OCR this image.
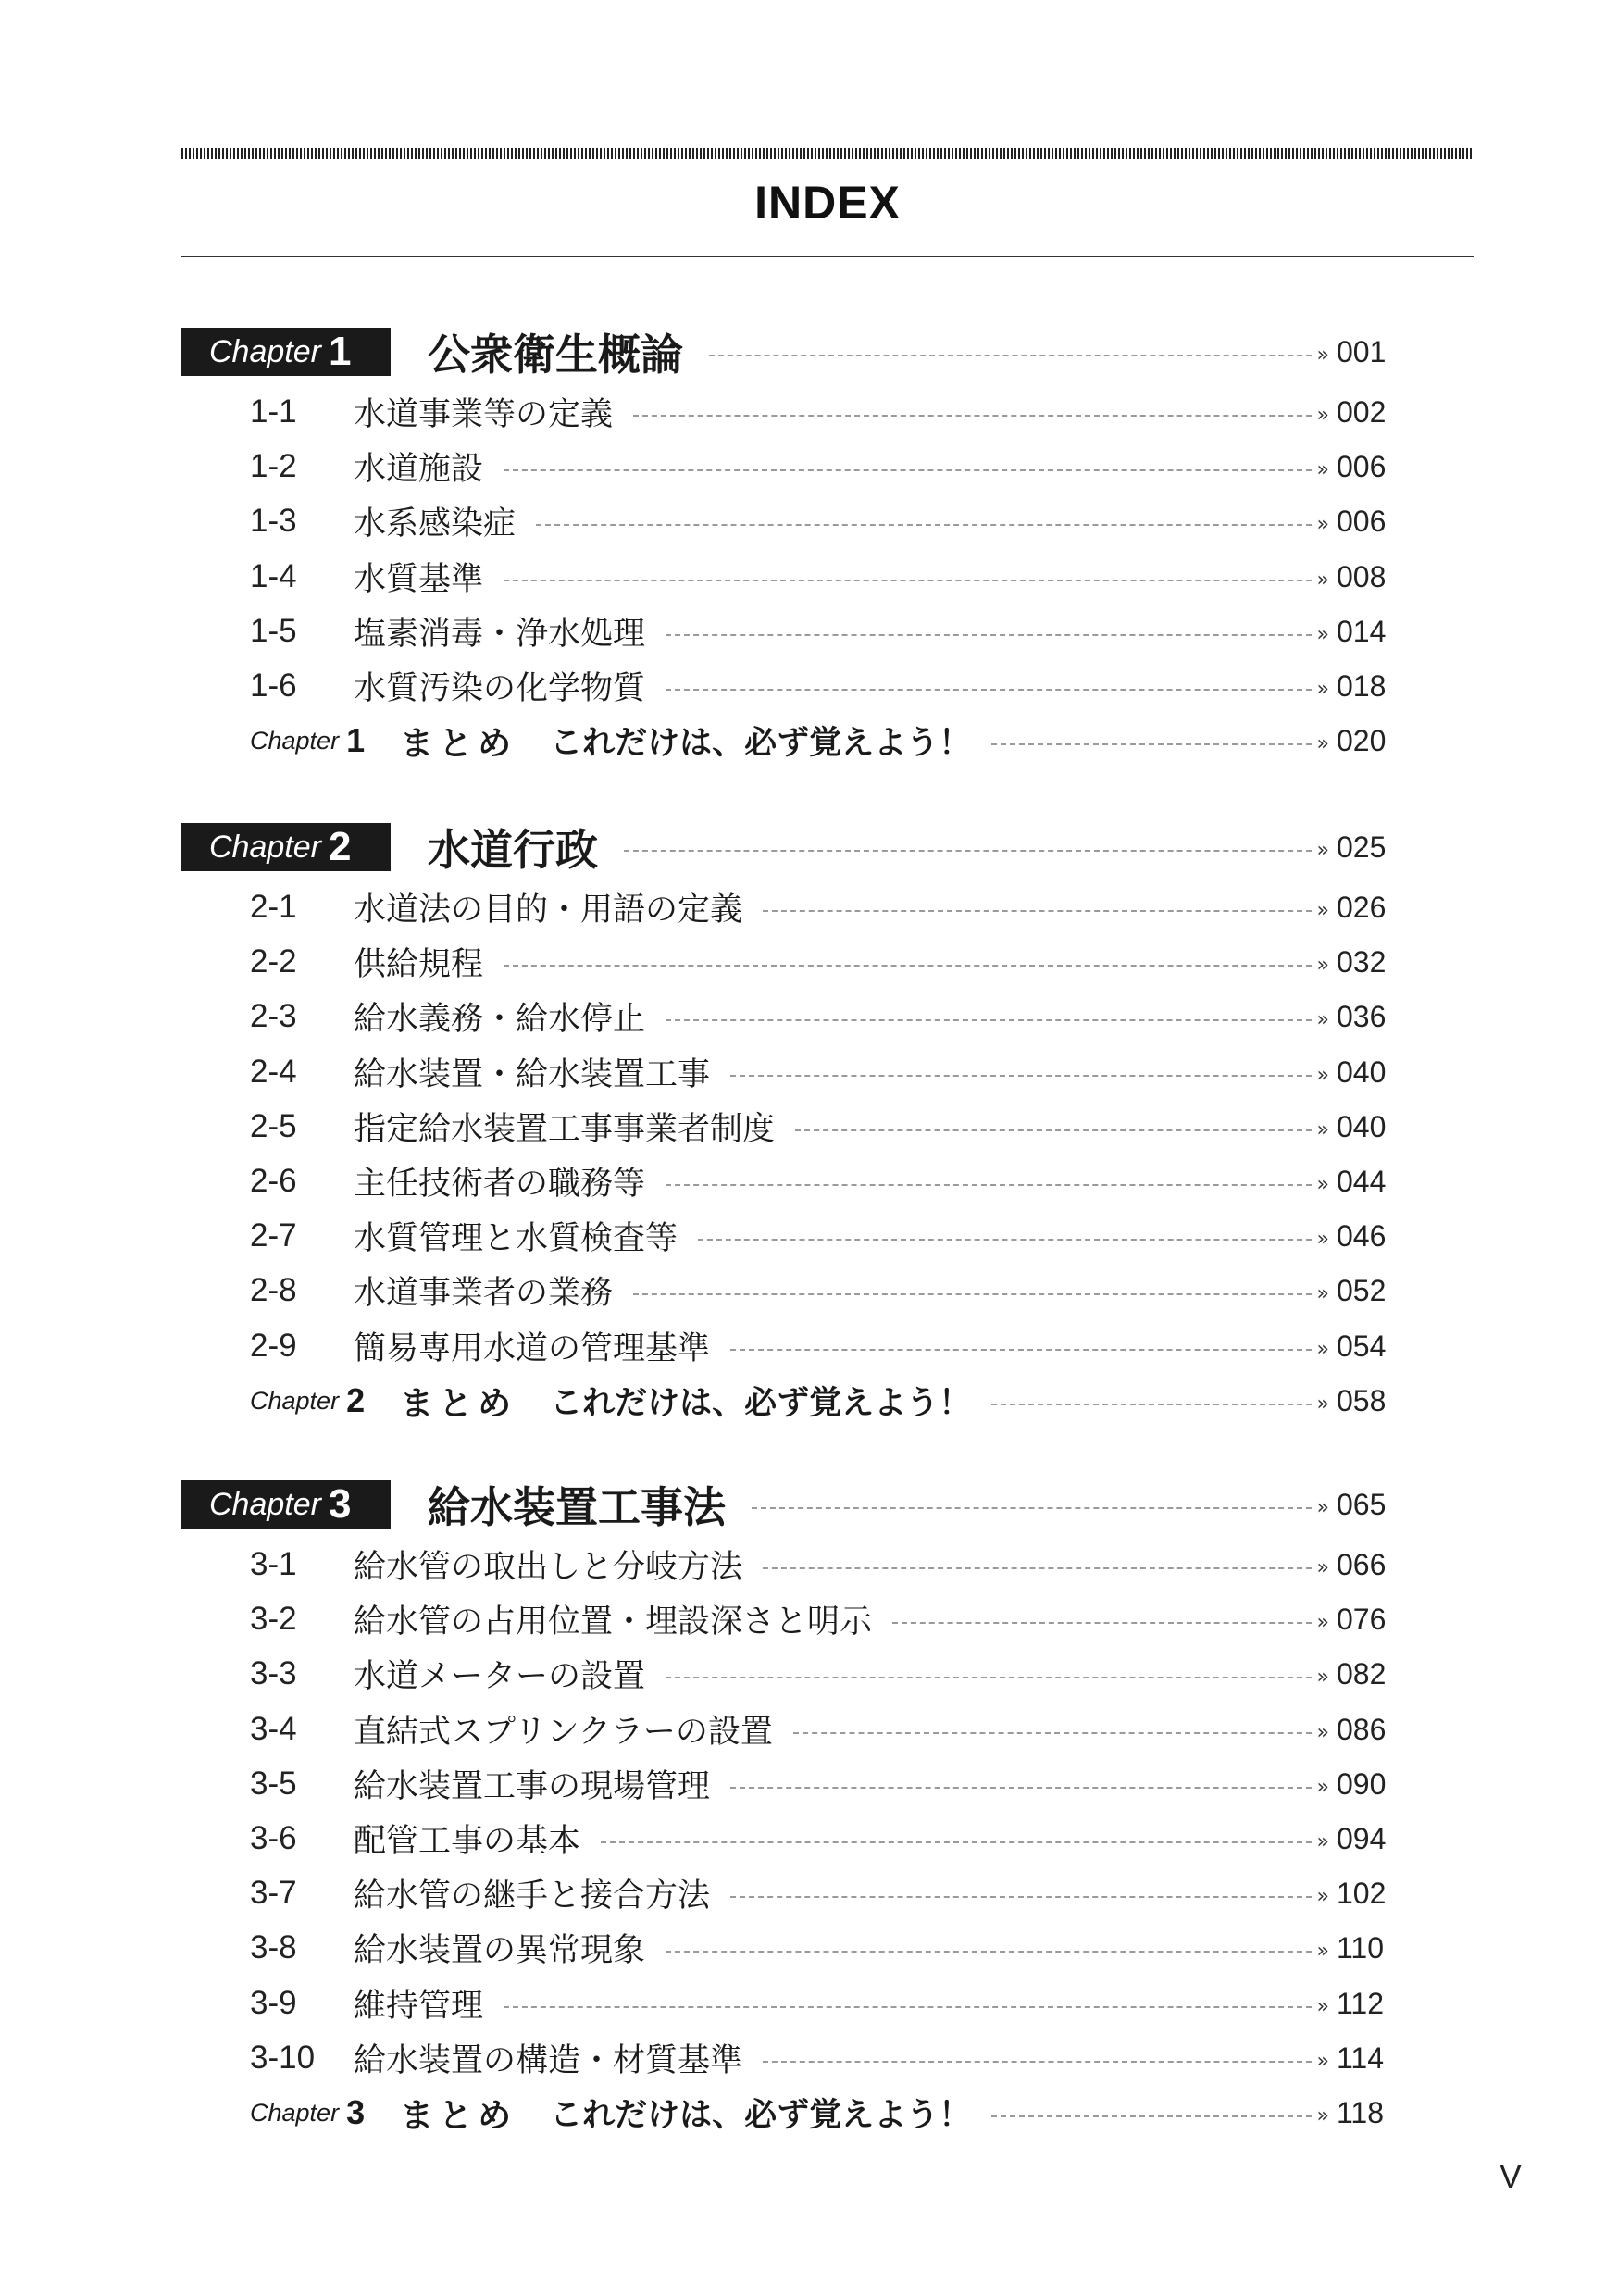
INDEX
Chapter 1 公衆衛生概論	» 001
1-1	水道事業等の定義	» 002
1-2	水道施設	» 006
1-3	水系感染症	» 006
1-4	水質基準	» 008
1-5	塩素消毒・浄水処理	» 014
1-6	水質汚染の化学物質	» 018
Chapter 1	まとめ これだけは、必ず覚えよう！	» 020
Chapter 2 水道行政	» 025
2-1	水道法の目的・用語の定義	» 026
2-2	供給規程	» 032
2-3	給水義務・給水停止	» 036
2-4	給水装置・給水装置工事	» 040
2-5	指定給水装置工事事業者制度	» 040
2-6	主任技術者の職務等	» 044
2-7	水質管理と水質検査等	» 046
2-8	水道事業者の業務	» 052
2-9	簡易専用水道の管理基準	» 054
Chapter 2	まとめ これだけは、必ず覚えよう！	» 058
Chapter 3 給水装置工事法	» 065
3-1	給水管の取出しと分岐方法	» 066
3-2	給水管の占用位置・埋設深さと明示	» 076
3-3	水道メーターの設置	» 082
3-4	直結式スプリンクラーの設置	» 086
3-5	給水装置工事の現場管理	» 090
3-6	配管工事の基本	» 094
3-7	給水管の継手と接合方法	» 102
3-8	給水装置の異常現象	» 110
3-9	維持管理	» 112
3-10	給水装置の構造・材質基準	» 114
Chapter 3	まとめ これだけは、必ず覚えよう！	» 118
V
